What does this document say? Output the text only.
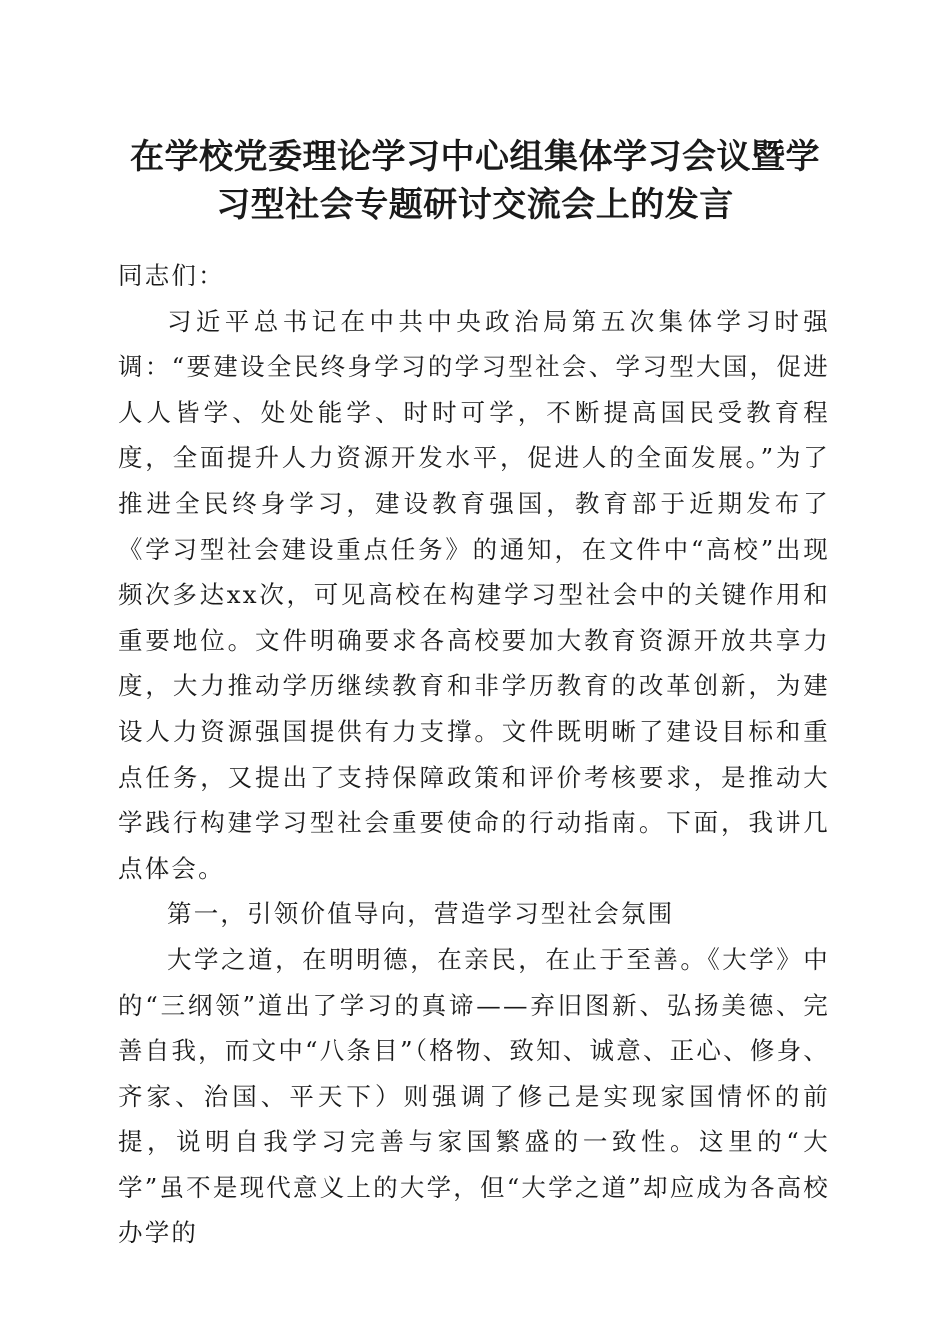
在学校党委理论学习中心组集体学习会议暨学
习型社会专题研讨交流会上的发言

同志们：

习近平总书记在中共中央政治局第五次集体学习时强调：“要建设全民终身学习的学习型社会、学习型大国，促进人人皆学、处处能学、时时可学，不断提高国民受教育程度，全面提升人力资源开发水平，促进人的全面发展。”为了推进全民终身学习，建设教育强国，教育部于近期发布了《学习型社会建设重点任务》的通知，在文件中“高校”出现频次多达xx次，可见高校在构建学习型社会中的关键作用和重要地位。文件明确要求各高校要加大教育资源开放共享力度，大力推动学历继续教育和非学历教育的改革创新，为建设人力资源强国提供有力支撑。文件既明晰了建设目标和重点任务，又提出了支持保障政策和评价考核要求，是推动大学践行构建学习型社会重要使命的行动指南。下面，我讲几点体会。

第一，引领价值导向，营造学习型社会氛围

大学之道，在明明德，在亲民，在止于至善。《大学》中的“三纲领”道出了学习的真谛——弃旧图新、弘扬美德、完善自我，而文中“八条目”（格物、致知、诚意、正心、修身、齐家、治国、平天下）则强调了修己是实现家国情怀的前提，说明自我学习完善与家国繁盛的一致性。这里的“大学”虽不是现代意义上的大学，但“大学之道”却应成为各高校办学的
